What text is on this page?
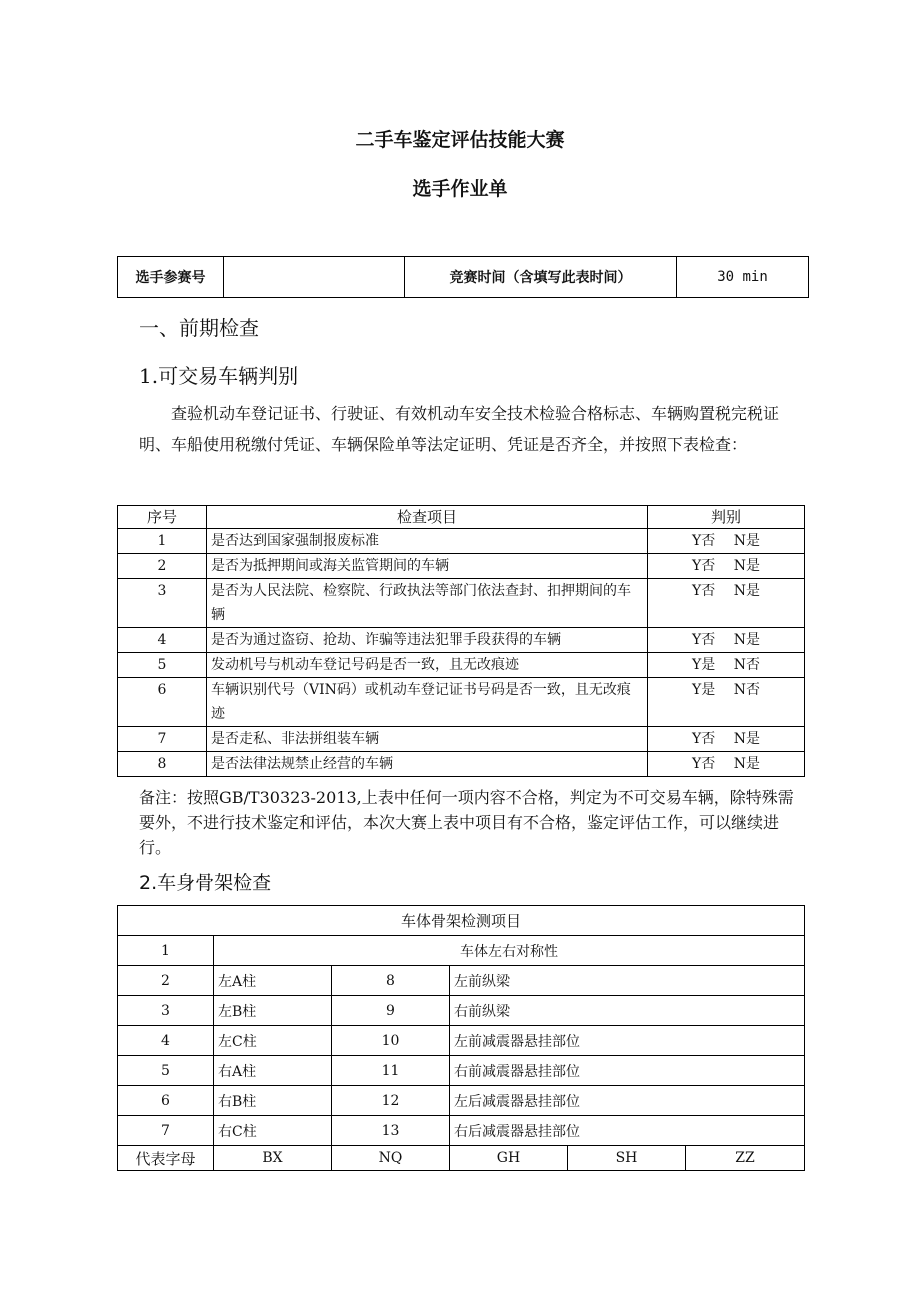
二手车鉴定评估技能大赛
选手作业单
选手参赛号		竞赛时间（含填写此表时间）	30 min
一、前期检查
1.可交易车辆判别
查验机动车登记证书、行驶证、有效机动车安全技术检验合格标志、车辆购置税完税证明、车船使用税缴付凭证、车辆保险单等法定证明、凭证是否齐全，并按照下表检查：
序号	检查项目	判别
1	是否达到国家强制报废标准	Y否　 N是
2	是否为抵押期间或海关监管期间的车辆	Y否　 N是
3	是否为人民法院、检察院、行政执法等部门依法查封、扣押期间的车辆	Y否　 N是
4	是否为通过盗窃、抢劫、诈骗等违法犯罪手段获得的车辆	Y否　 N是
5	发动机号与机动车登记号码是否一致，且无改痕迹	Y是　 N否
6	车辆识别代号（VIN码）或机动车登记证书号码是否一致，且无改痕迹	Y是　 N否
7	是否走私、非法拼组装车辆	Y否　 N是
8	是否法律法规禁止经营的车辆	Y否　 N是
备注：按照GB/T30323-2013,上表中任何一项内容不合格，判定为不可交易车辆，除特殊需要外，不进行技术鉴定和评估，本次大赛上表中项目有不合格，鉴定评估工作，可以继续进行。
2.车身骨架检查
车体骨架检测项目					
1	车体左右对称性				
2	左A柱	8	左前纵梁		
3	左B柱	9	右前纵梁		
4	左C柱	10	左前减震器悬挂部位		
5	右A柱	11	右前减震器悬挂部位		
6	右B柱	12	左后减震器悬挂部位		
7	右C柱	13	右后减震器悬挂部位		
代表字母	BX	NQ	GH	SH	ZZ
